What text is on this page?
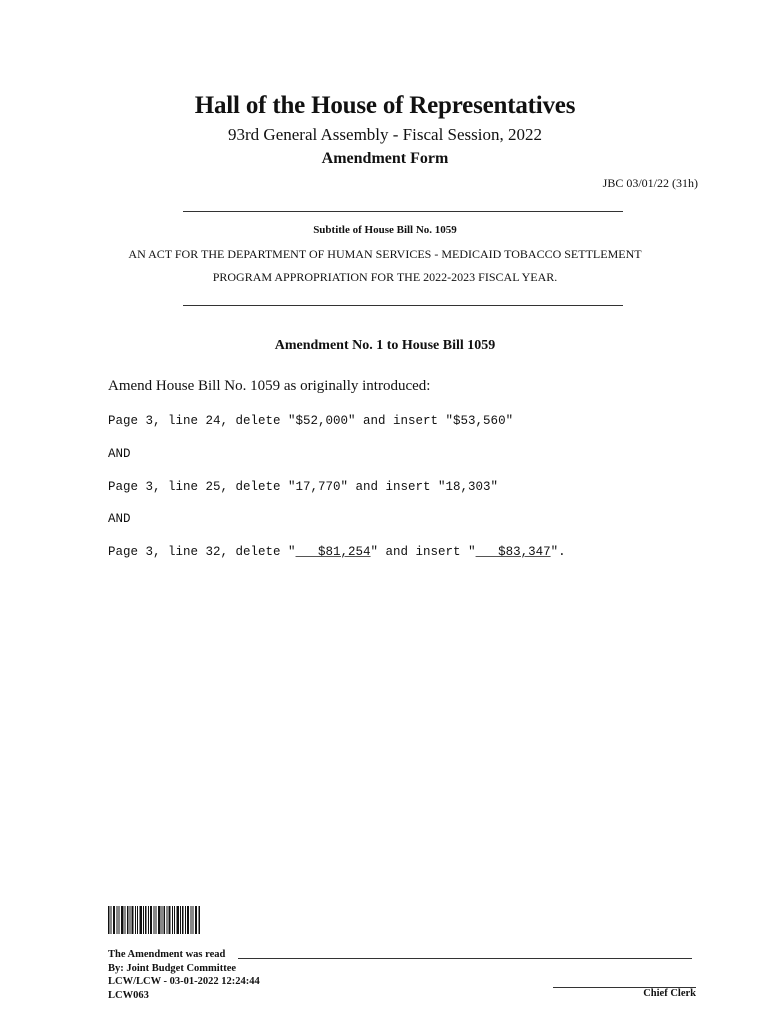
Hall of the House of Representatives
93rd General Assembly - Fiscal Session, 2022
Amendment Form
JBC 03/01/22 (31h)
Subtitle of House Bill No. 1059
AN ACT FOR THE DEPARTMENT OF HUMAN SERVICES - MEDICAID TOBACCO SETTLEMENT
PROGRAM APPROPRIATION FOR THE 2022-2023 FISCAL YEAR.
Amendment No. 1 to House Bill 1059
Amend House Bill No. 1059 as originally introduced:
Page 3, line 24, delete "$52,000" and insert "$53,560"
AND
Page 3, line 25, delete "17,770" and insert "18,303"
AND
Page 3, line 32, delete "   $81,254" and insert "   $83,347".
The Amendment was read
By: Joint Budget Committee
LCW/LCW - 03-01-2022 12:24:44
LCW063	Chief Clerk
